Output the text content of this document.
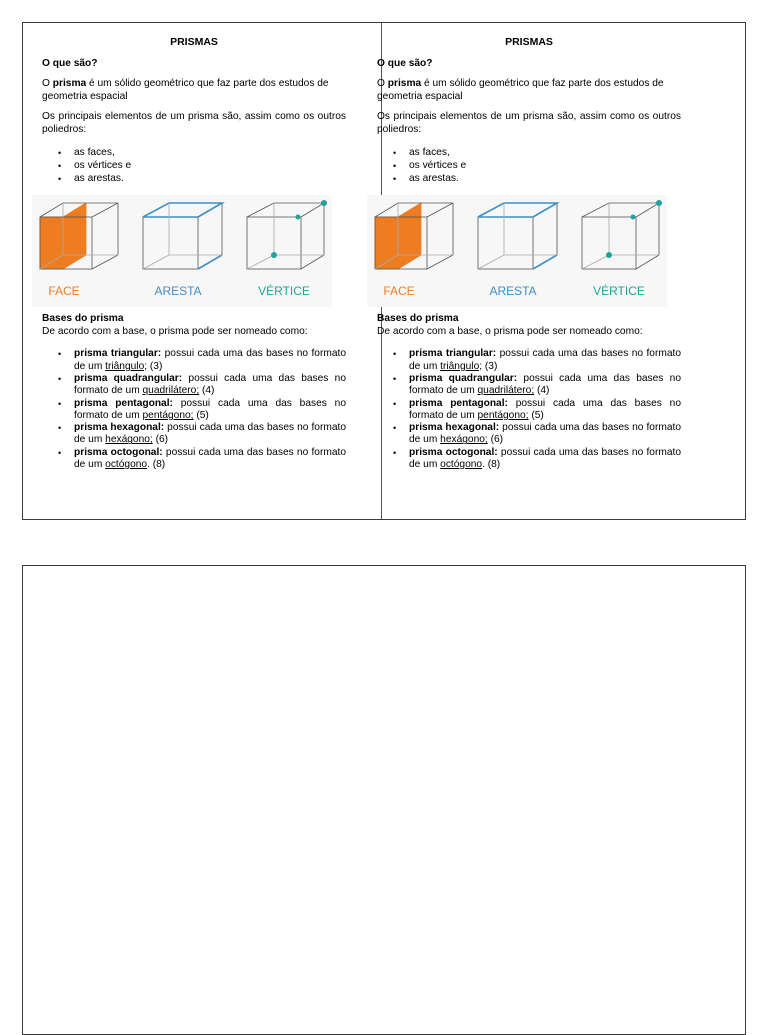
PRISMAS
O que são?
O prisma é um sólido geométrico que faz parte dos estudos de geometria espacial
Os principais elementos de um prisma são, assim como os outros poliedros:
• as faces,
• os vértices e
• as arestas.
FACE	ARESTA	VÉRTICE
Bases do prisma
De acordo com a base, o prisma pode ser nomeado como:
• prisma triangular: possui cada uma das bases no formato de um triângulo; (3)
• prisma quadrangular: possui cada uma das bases no formato de um quadrilátero; (4)
• prisma pentagonal: possui cada uma das bases no formato de um pentágono; (5)
• prisma hexagonal: possui cada uma das bases no formato de um hexágono; (6)
• prisma octogonal: possui cada uma das bases no formato de um octógono. (8)
PRISMAS
O que são?
O prisma é um sólido geométrico que faz parte dos estudos de geometria espacial
Os principais elementos de um prisma são, assim como os outros poliedros:
• as faces,
• os vértices e
• as arestas.
FACE	ARESTA	VÉRTICE
Bases do prisma
De acordo com a base, o prisma pode ser nomeado como:
• prisma triangular: possui cada uma das bases no formato de um triângulo; (3)
• prisma quadrangular: possui cada uma das bases no formato de um quadrilátero; (4)
• prisma pentagonal: possui cada uma das bases no formato de um pentágono; (5)
• prisma hexagonal: possui cada uma das bases no formato de um hexágono; (6)
• prisma octogonal: possui cada uma das bases no formato de um octógono. (8)
